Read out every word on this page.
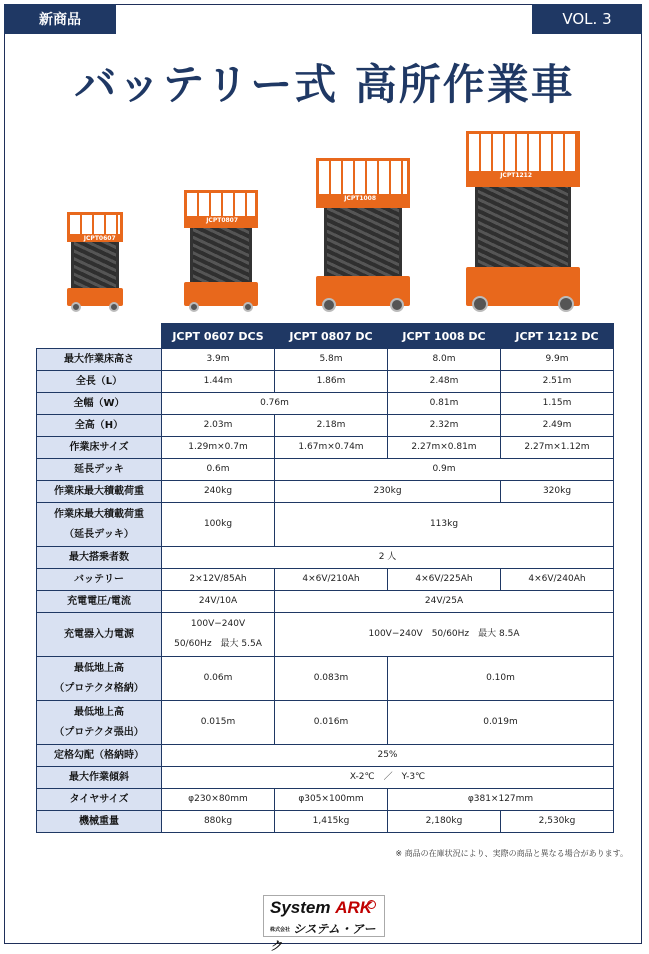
新商品	VOL. 3
バッテリー式 高所作業車
JCPT0607
JCPT0807
JCPT1008
JCPT1212
	JCPT 0607 DCS	JCPT 0807 DC	JCPT 1008 DC	JCPT 1212 DC
最大作業床高さ	3.9m	5.8m	8.0m	9.9m
全長（L）	1.44m	1.86m	2.48m	2.51m
全幅（W）	0.76m		0.81m	1.15m
全高（H）	2.03m	2.18m	2.32m	2.49m
作業床サイズ	1.29m×0.7m	1.67m×0.74m	2.27m×0.81m	2.27m×1.12m
延長デッキ	0.6m	0.9m		
作業床最大積載荷重	240kg	230kg		320kg

作業床最大積載荷重
（延長デッキ）	100kg	113kg		
最大搭乗者数	2 人			
バッテリー	2×12V/85Ah	4×6V/210Ah	4×6V/225Ah	4×6V/240Ah
充電電圧/電流	24V/10A	24V/25A		
充電器入力電源	100V−240V
50/60Hz　最大 5.5A	100V−240V　50/60Hz　最大 8.5A		

最低地上高
（プロテクタ格納）	0.06m	0.083m	0.10m	

最低地上高
（プロテクタ張出）	0.015m	0.016m	0.019m	
定格勾配（格納時）	25%			
最大作業傾斜	X-2℃　／　Y-3℃			
タイヤサイズ	φ230×80mm	φ305×100mm	φ381×127mm	
機械重量	880kg	1,415kg	2,180kg	2,530kg
※ 商品の在庫状況により、実際の商品と異なる場合があります。
System ARK
株式会社 システム・アーク
